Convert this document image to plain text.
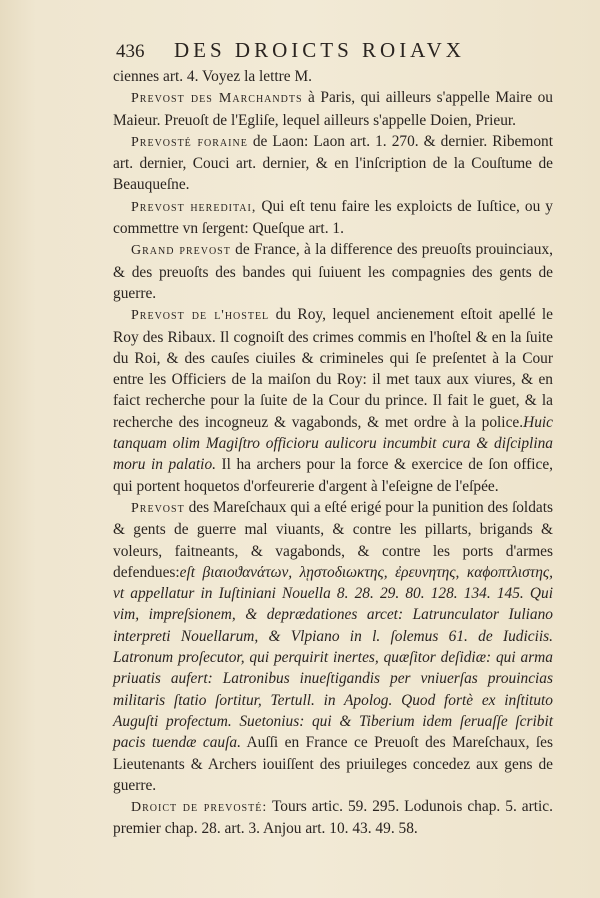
436	DES DROICTS ROIAVX

ciennes art. 4. Voyez la lettre M.

Prevost des Marchandts à Paris, qui ailleurs s'appelle Maire ou Maieur. Preuoſt de l'Egliſe, lequel ailleurs s'appelle Doien, Prieur.

Prevosté foraine de Laon: Laon art. 1. 270. & dernier. Ribemont art. dernier, Couci art. dernier, & en l'inſcription de la Couſtume de Beauqueſne.

Prevost hereditai, Qui eſt tenu faire les exploicts de Iuſtice, ou y commettre vn ſergent: Queſque art. 1.

Grand prevost de France, à la difference des preuoſts prouinciaux, & des preuoſts des bandes qui ſuiuent les compagnies des gents de guerre.

Prevost de l'hostel du Roy, lequel ancienement eſtoit apellé le Roy des Ribaux. Il cognoiſt des crimes commis en l'hoſtel & en la ſuite du Roi, & des cauſes ciuiles & crimineles qui ſe preſentet à la Cour entre les Officiers de la maiſon du Roy: il met taux aux viures, & en faict recherche pour la ſuite de la Cour du prince. Il fait le guet, & la recherche des incogneuz & vagabonds, & met ordre à la police.Huic tanquam olim Magiſtro officioru aulicoru incumbit cura & diſciplina moru in palatio. Il ha archers pour la force & exercice de ſon office, qui portent hoquetos d'orfeurerie d'argent à l'eſeigne de l'eſpée.

Prevost des Mareſchaux qui a eſté erigé pour la punition des ſoldats & gents de guerre mal viuants, & contre les pillarts, brigands & voleurs, faitneants, & vagabonds, & contre les ports d'armes defendues:eſt βιαιοϑανάτων, λῃστοδιωκτης, ἐρευνητης, καϕοπτλιστης, vt appellatur in Iuſtiniani Nouella 8. 28. 29. 80. 128. 134. 145. Qui vim, impreſsionem, & deprædationes arcet: Latrunculator Iuliano interpreti Nouellarum, & Vlpiano in l. ſolemus 61. de Iudiciis. Latronum proſecutor, qui perquirit inertes, quæſitor deſidiæ: qui arma priuatis aufert: Latronibus inueſtigandis per vniuerſas prouincias militaris ſtatio ſortitur, Tertull. in Apolog. Quod fortè ex inſtituto Auguſti profectum. Suetonius: qui & Tiberium idem ſeruaſſe ſcribit pacis tuendæ cauſa. Auſſi en France ce Preuoſt des Mareſchaux, ſes Lieutenants & Archers iouiſſent des priuileges concedez aux gens de guerre.

Droict de prevosté: Tours artic. 59. 295. Lodunois chap. 5. artic. premier chap. 28. art. 3. Anjou art. 10. 43. 49. 58.
